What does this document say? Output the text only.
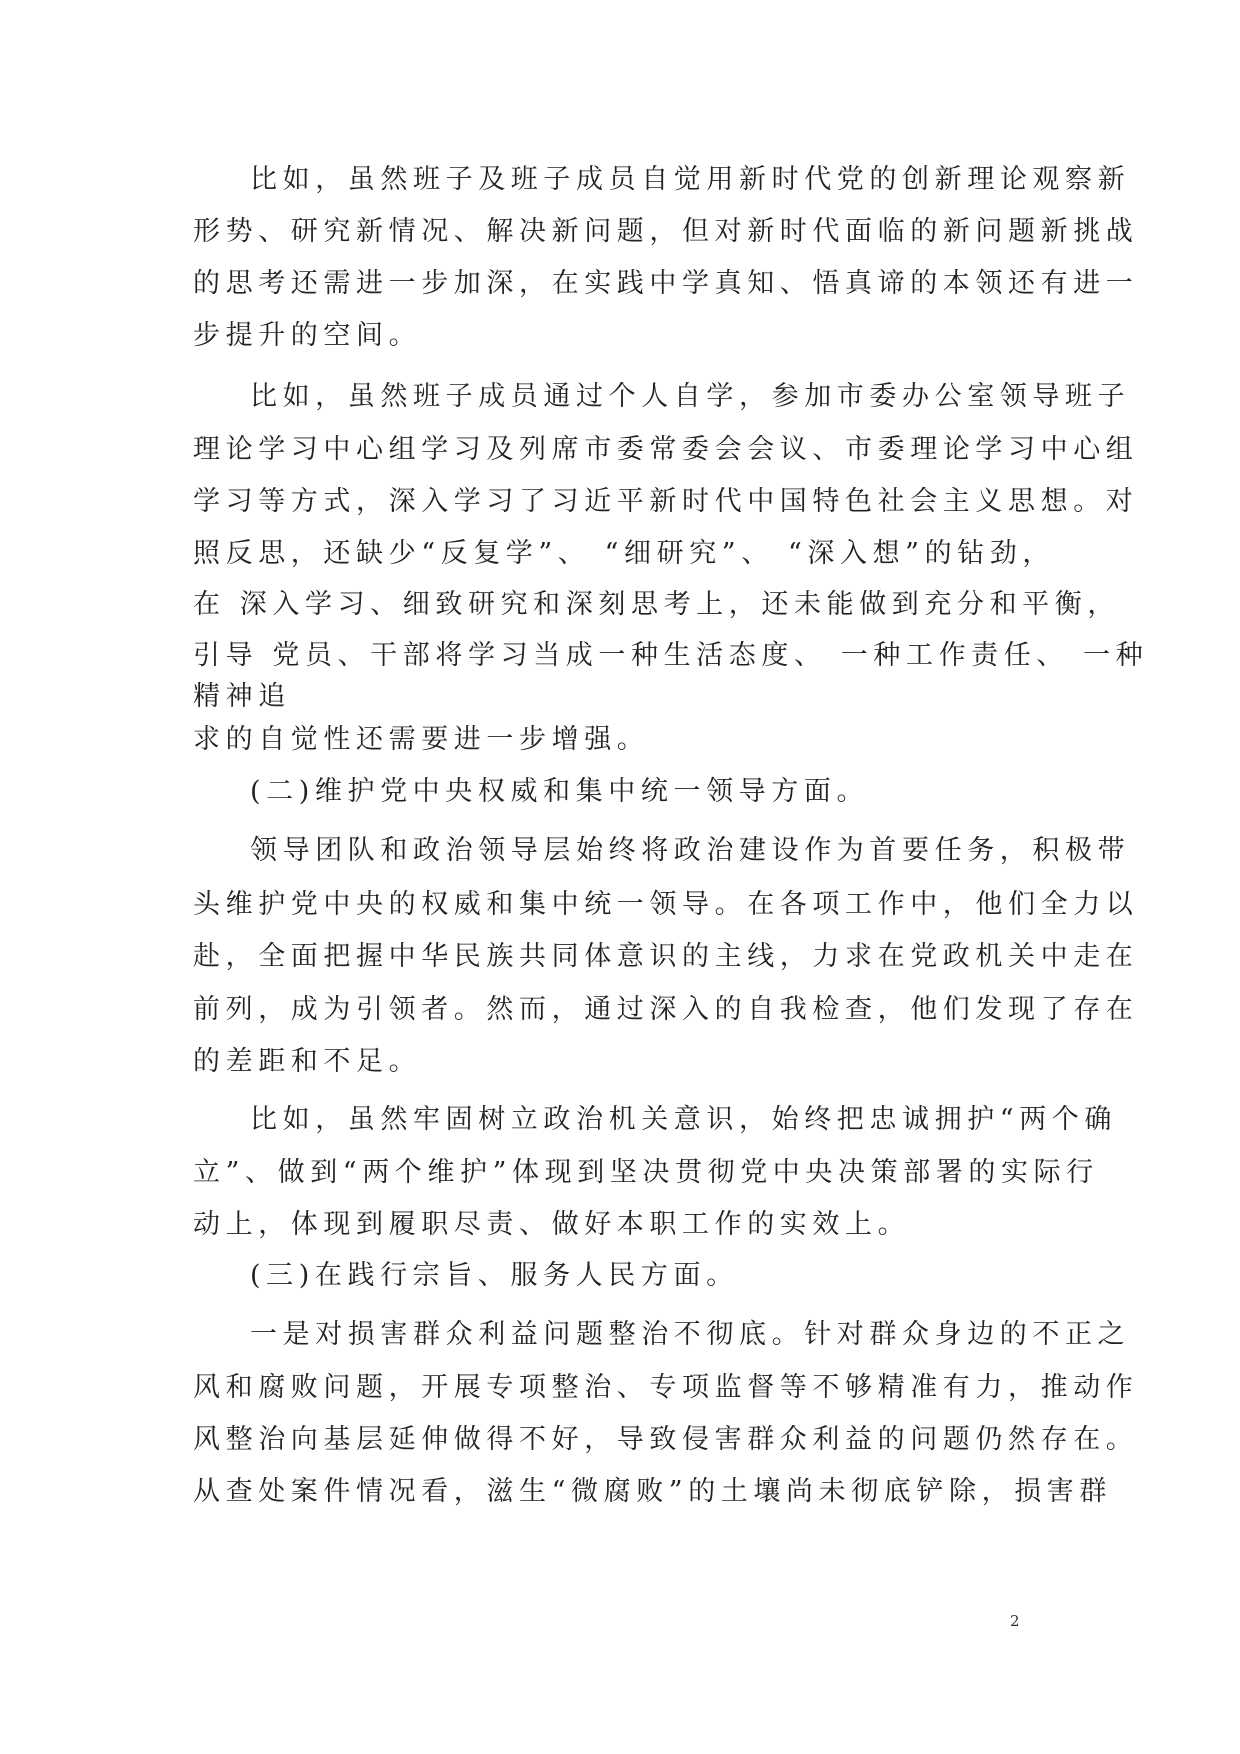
比如，虽然班子及班子成员自觉用新时代党的创新理论观察新
形势、研究新情况、解决新问题，但对新时代面临的新问题新挑战
的思考还需进一步加深，在实践中学真知、悟真谛的本领还有进一
步提升的空间。
比如，虽然班子成员通过个人自学，参加市委办公室领导班子
理论学习中心组学习及列席市委常委会会议、市委理论学习中心组
学习等方式，深入学习了习近平新时代中国特色社会主义思想。对
照反思，还缺少“反复学”、 “细研究”、 “深入想”的钻劲，
在 深入学习、细致研究和深刻思考上，还未能做到充分和平衡，
引导 党员、干部将学习当成一种生活态度、 一种工作责任、 一种
精神追
求的自觉性还需要进一步增强。
(二)维护党中央权威和集中统一领导方面。
领导团队和政治领导层始终将政治建设作为首要任务，积极带
头维护党中央的权威和集中统一领导。在各项工作中，他们全力以
赴，全面把握中华民族共同体意识的主线，力求在党政机关中走在
前列，成为引领者。然而，通过深入的自我检查，他们发现了存在
的差距和不足。
比如，虽然牢固树立政治机关意识，始终把忠诚拥护“两个确
立”、做到“两个维护”体现到坚决贯彻党中央决策部署的实际行
动上，体现到履职尽责、做好本职工作的实效上。
(三)在践行宗旨、服务人民方面。
一是对损害群众利益问题整治不彻底。针对群众身边的不正之
风和腐败问题，开展专项整治、专项监督等不够精准有力，推动作
风整治向基层延伸做得不好，导致侵害群众利益的问题仍然存在。
从查处案件情况看，滋生“微腐败”的土壤尚未彻底铲除，损害群
2
